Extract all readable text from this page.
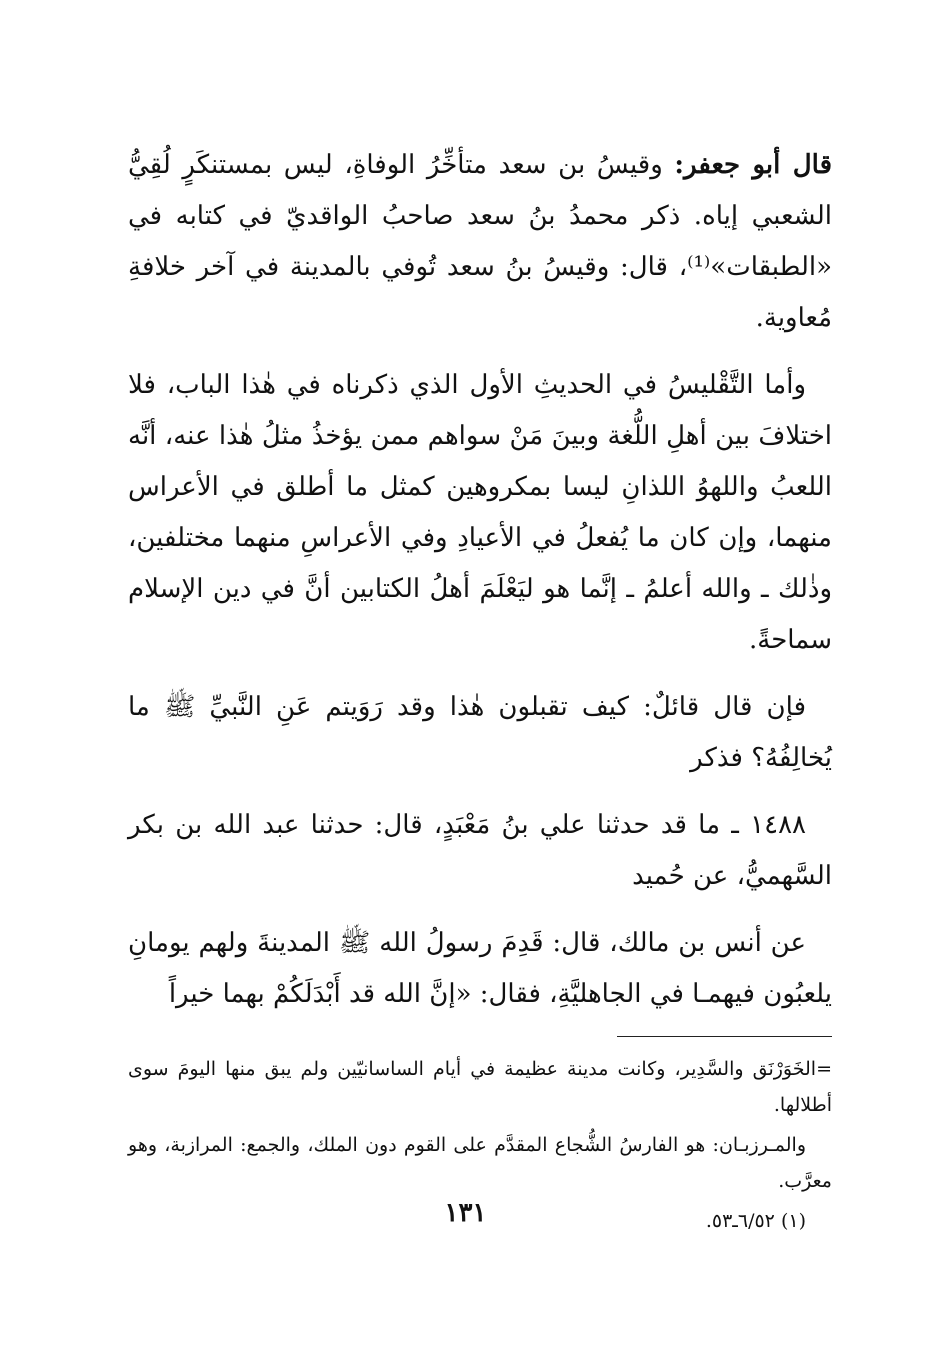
قال أبو جعفر: وقيسُ بن سعد متأخِّرُ الوفاةِ، ليس بمستنكَرٍ لُقِيُّ الشعبي إياه. ذكر محمدُ بنُ سعد صاحبُ الواقديّ في كتابه في «الطبقات»⁽¹⁾، قال: وقيسُ بنُ سعد تُوفي بالمدينة في آخر خلافةِ مُعاوية.

وأما التَّقْليسُ في الحديثِ الأول الذي ذكرناه في هٰذا الباب، فلا اختلافَ بين أهلِ اللُّغة وبينَ مَنْ سواهم ممن يؤخذُ مثلُ هٰذا عنه، أنَّه اللعبُ واللهوُ اللذانِ ليسا بمكروهين كمثل ما أطلق في الأعراس منهما، وإن كان ما يُفعلُ في الأعيادِ وفي الأعراسِ منهما مختلفين، وذٰلك ـ والله أعلمُ ـ إنَّما هو ليَعْلَمَ أهلُ الكتابين أنَّ في دين الإسلام سماحةً.

فإن قال قائلٌ: كيف تقبلون هٰذا وقد رَوَيتم عَنِ النَّبيِّ ﷺ ما يُخالِفُهُ؟ فذكر

١٤٨٨ ـ ما قد حدثنا علي بنُ مَعْبَدٍ، قال: حدثنا عبد الله بن بكر السَّهميُّ، عن حُميد

عن أنس بن مالك، قال: قَدِمَ رسولُ الله ﷺ المدينةَ ولهم يومانِ يلعبُون فيهمـا في الجاهليَّةِ، فقال: «إنَّ الله قد أَبْدَلَكُمْ بهما خيراً

=الخَوَرْنَق والسَّدِير، وكانت مدينة عظيمة في أيام الساسانيّين ولم يبق منها اليومَ سوى أطلالها.

والمـرزبـان: هو الفارسُ الشُّجاع المقدَّم على القوم دون الملك، والجمع: المرازبة، وهو معرَّب.

(١) ٦/٥٢ـ٥٣.

١٣١
